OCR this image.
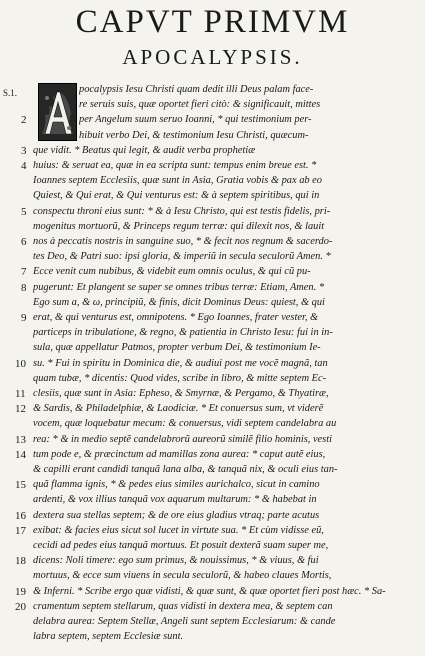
CAPVT PRIMVM
APOCALYPSIS.
S.1.	pocalypsis Iesu Christi quam dedit illi Deus palam face-
re seruis suis, quæ oportet fieri citò: & significauit, mittes
per Angelum suum seruo Ioanni, * qui testimonium per-
hibuit verbo Dei, & testimonium Iesu Christi, quæcum-
que vidit. * Beatus qui legit, & audit verba prophetiæ
huius: & seruat ea, quæ in ea scripta sunt: tempus enim breue est. *
Ioannes septem Ecclesiis, quæ sunt in Asia, Gratia vobis & pax ab eo
Quiest, & Qui erat, & Qui venturus est: & à septem spiritibus, qui in
conspectu throni eius sunt: * & à Iesu Christo, qui est testis fidelis, pri-
mogenitus mortuorũ, & Princeps regum terræ: qui dilexit nos, & lauit
nos à peccatis nostris in sanguine suo, * & fecit nos regnum & sacerdo-
tes Deo, & Patri suo: ipsi gloria, & imperiũ in secula seculorũ Amen. *
Ecce venit cum nubibus, & videbit eum omnis oculus, & qui cũ pu-
pugerunt: Et plangent se super se omnes tribus terræ: Etiam, Amen. *
Ego sum a, & ω, principiũ, & finis, dicit Dominus Deus: quiest, & qui
erat, & qui venturus est, omnipotens. * Ego Ioannes, frater vester, &
particeps in tribulatione, & regno, & patientia in Christo Iesu: fui in in-
sula, quæ appellatur Patmos, propter verbum Dei, & testimonium Ie-
su. * Fui in spiritu in Dominica die, & audiui post me vocẽ magnã, tan
quam tubæ, * dicentis: Quod vides, scribe in libro, & mitte septem Ec-
clesiis, quæ sunt in Asia: Epheso, & Smyrnæ, & Pergamo, & Thyatiræ,
& Sardis, & Philadelphiæ, & Laodiciæ. * Et conuersus sum, vt viderẽ
vocem, quæ loquebatur mecum: & conuersus, vidi septem candelabra au
rea: * & in medio septẽ candelabrorũ aureorũ similẽ filio hominis, vesti
tum pode e, & præcinctum ad mamillas zona aurea: * caput autẽ eius,
& capilli erant candidi tanquã lana alba, & tanquã nix, & oculi eius tan-
quã flamma ignis, * & pedes eius similes aurichalco, sicut in camino
ardenti, & vox illius tanquã vox aquarum multarum: * & habebat in
dextera sua stellas septem; & de ore eius gladius vtraq; parte acutus
exibat: & facies eius sicut sol lucet in virtute sua. * Et cùm vidisse eũ,
cecidi ad pedes eius tanquã mortuus. Et posuit dexterã suam super me,
dicens: Noli timere: ego sum primus, & nouissimus, * & viuus, & fui
mortuus, & ecce sum viuens in secula seculorũ, & habeo claues Mortis,
& Inferni. * Scribe ergo quæ vidisti, & quæ sunt, & quæ oportet fieri post hæc. * Sa-
cramentum septem stellarum, quas vidisti in dextera mea, & septem can
delabra aurea: Septem Stellæ, Angeli sunt septem Ecclesiarum: & cande
labra septem, septem Ecclesiæ sunt.
2
3
4
5
6
7
8
9
10
11
12
13
14
15
16
17
18
19
20
